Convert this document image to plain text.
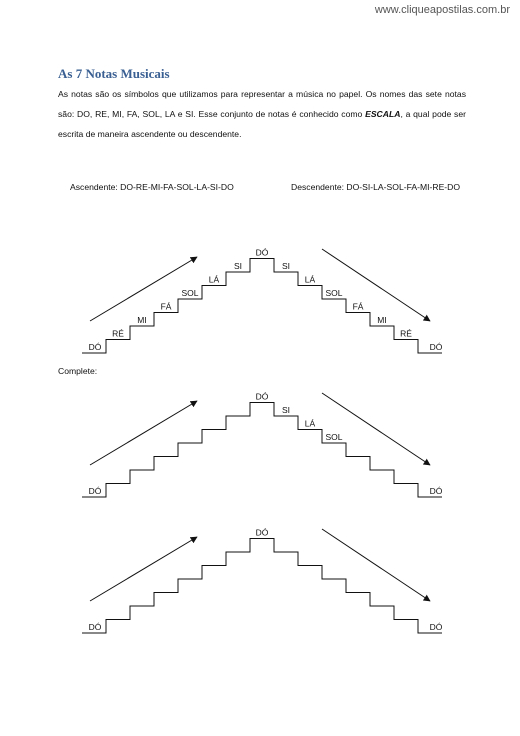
www.cliqueapostilas.com.br
As 7 Notas Musicais
As notas são os símbolos que utilizamos para representar a música no papel. Os nomes das sete notas são: DO, RE, MI, FA, SOL, LA e SI. Esse conjunto de notas é conhecido como ESCALA, a qual pode ser escrita de maneira ascendente ou descendente.
Ascendente: DO-RE-MI-FA-SOL-LA-SI-DO	Descendente: DO-SI-LA-SOL-FA-MI-RE-DO
Complete:
DÓ
RÉ
MI
FÁ
SOL
LÁ
SI
DÓ
SI
LÁ
SOL
FÁ
MI
RÉ
DÓ
DÓ
DÓ
SI
LÁ
SOL
DÓ
DÓ
DÓ
DÓ
